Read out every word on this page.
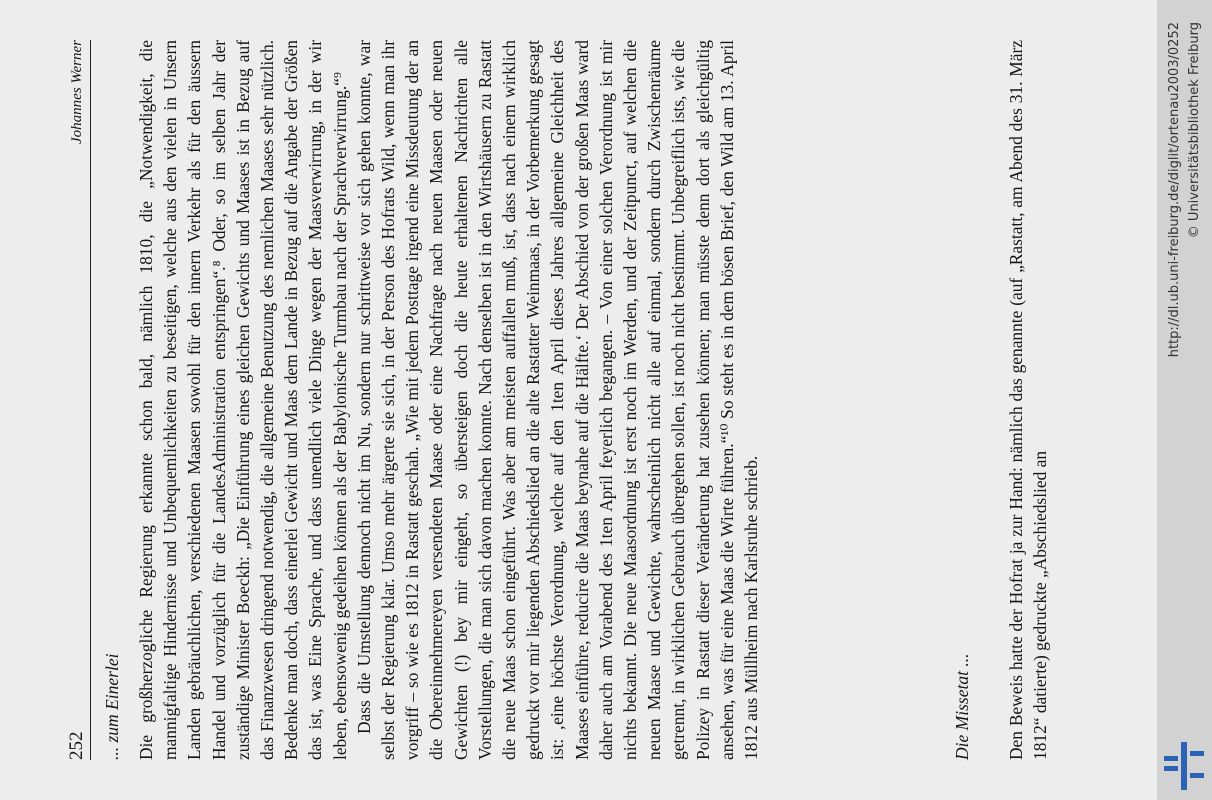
252
Johannes Werner
... zum Einerlei Die großherzogliche Regierung erkannte schon bald, nämlich 1810, die „Notwendigkeit, die mannigfaltige Hindernisse und Unbequemlichkeiten zu beseitigen, welche aus den vielen in Unsern Landen gebräuchlichen, verschiedenen Maasen sowohl für den innern Verkehr als für den äussern Handel und vorzüglich für die LandesAdministration entspringen“.⁸ Oder, so im selben Jahr der zuständige Minister Boeckh: „Die Einführung eines gleichen Gewichts und Maases ist in Bezug auf das Finanzwesen dringend notwendig, die allgemeine Benutzung des nemlichen Maases sehr nützlich. Bedenke man doch, dass einerlei Gewicht und Maas dem Lande in Bezug auf die Angabe der Größen das ist, was Eine Sprache, und dass unendlich viele Dinge wegen der Maasverwirrung, in der wir leben, ebensowenig gedeihen können als der Babylonische Turmbau nach der Sprachverwirrung.“⁹ Dass die Umstellung dennoch nicht im Nu, sondern nur schrittweise vor sich gehen konnte, war selbst der Regierung klar. Umso mehr ärgerte sie sich, in der Person des Hofrats Wild, wenn man ihr vorgriff – so wie es 1812 in Rastatt geschah. „Wie mit jedem Posttage irgend eine Missdeutung der an die Obereinnehmereyen versendeten Maase oder eine Nachfrage nach neuen Maasen oder neuen Gewichten (!) bey mir eingeht, so übersteigen doch die heute erhaltenen Nachrichten alle Vorstellungen, die man sich davon machen konnte. Nach denselben ist in den Wirtshäusern zu Rastatt die neue Maas schon eingeführt. Was aber am meisten auffallen muß, ist, dass nach einem wirklich gedruckt vor mir liegenden Abschiedslied an die alte Rastatter Weinmaas, in der Vorbemerkung gesagt ist: ‚eine höchste Verordnung, welche auf den 1ten April dieses Jahres allgemeine Gleichheit des Maases einführe, reducire die Maas beynahe auf die Hälfte.‘ Der Abschied von der großen Maas ward daher auch am Vorabend des 1ten April feyerlich begangen. – Von einer solchen Verordnung ist mir nichts bekannt. Die neue Maasordnung ist erst noch im Werden, und der Zeitpunct, auf welchen die neuen Maase und Gewichte, wahrscheinlich nicht alle auf einmal, sondern durch Zwischenräume getrennt, in wirklichen Gebrauch übergehen sollen, ist noch nicht bestimmt. Unbegreiflich ists, wie die Polizey in Rastatt dieser Veränderung hat zusehen können; man müsste denn dort als gleichgültig ansehen, was für eine Maas die Wirte führen.“¹⁰ So steht es in dem bösen Brief, den Wild am 13. April 1812 aus Müllheim nach Karlsruhe schrieb.	Die Missetat ... Den Beweis hatte der Hofrat ja zur Hand: nämlich das genannte (auf „Rastatt, am Abend des 31. März 1812“ datierte) gedruckte „Abschiedslied an
http://dl.ub.uni-freiburg.de/diglit/ortenau2003/0252 © Universitätsbibliothek Freiburg
